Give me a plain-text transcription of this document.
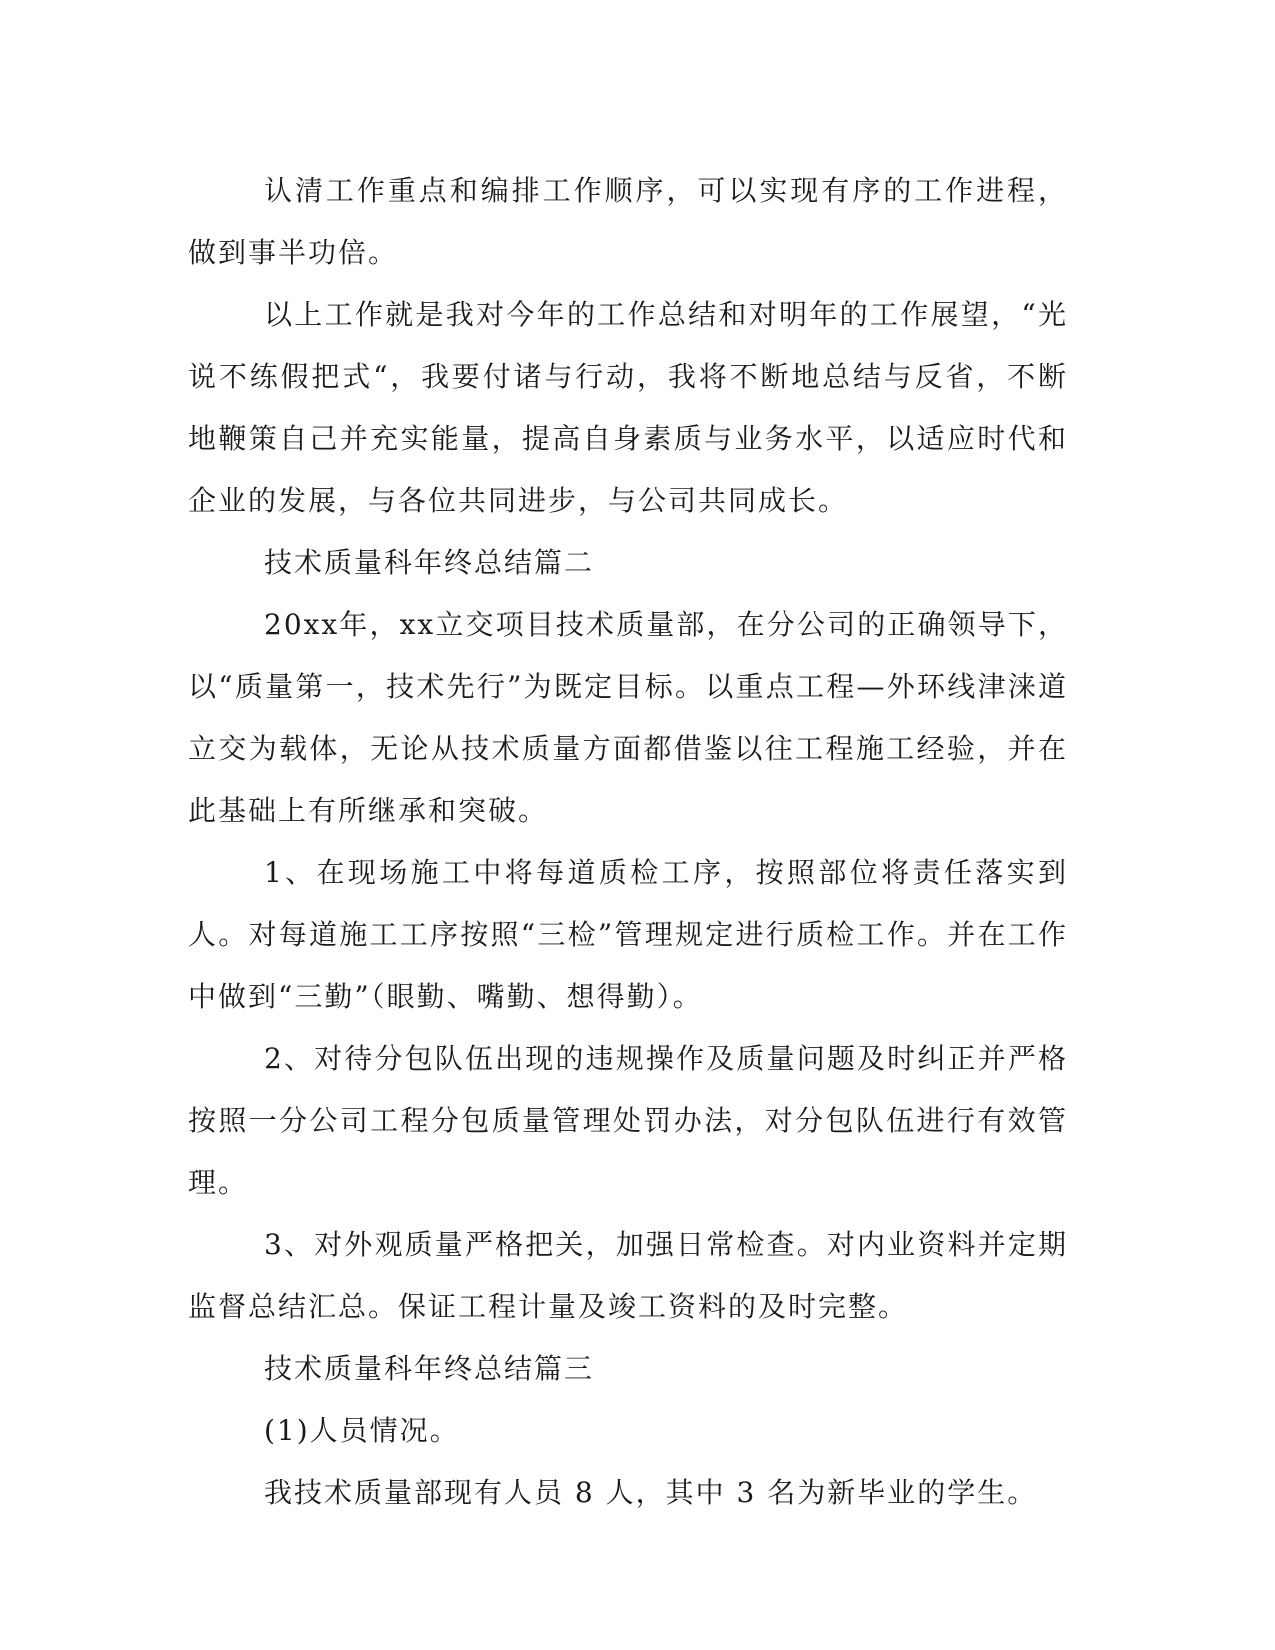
认清工作重点和编排工作顺序，可以实现有序的工作进程，做到事半功倍。

以上工作就是我对今年的工作总结和对明年的工作展望，“光说不练假把式“，我要付诸与行动，我将不断地总结与反省，不断地鞭策自己并充实能量，提高自身素质与业务水平，以适应时代和企业的发展，与各位共同进步，与公司共同成长。

技术质量科年终总结篇二

20xx年，xx立交项目技术质量部，在分公司的正确领导下，以“质量第一，技术先行”为既定目标。以重点工程—外环线津涞道立交为载体，无论从技术质量方面都借鉴以往工程施工经验，并在此基础上有所继承和突破。

1、在现场施工中将每道质检工序，按照部位将责任落实到人。对每道施工工序按照“三检”管理规定进行质检工作。并在工作中做到“三勤”（眼勤、嘴勤、想得勤）。

2、对待分包队伍出现的违规操作及质量问题及时纠正并严格按照一分公司工程分包质量管理处罚办法，对分包队伍进行有效管理。

3、对外观质量严格把关，加强日常检查。对内业资料并定期监督总结汇总。保证工程计量及竣工资料的及时完整。

技术质量科年终总结篇三

(1)人员情况。

我技术质量部现有人员 8 人，其中 3 名为新毕业的学生。
